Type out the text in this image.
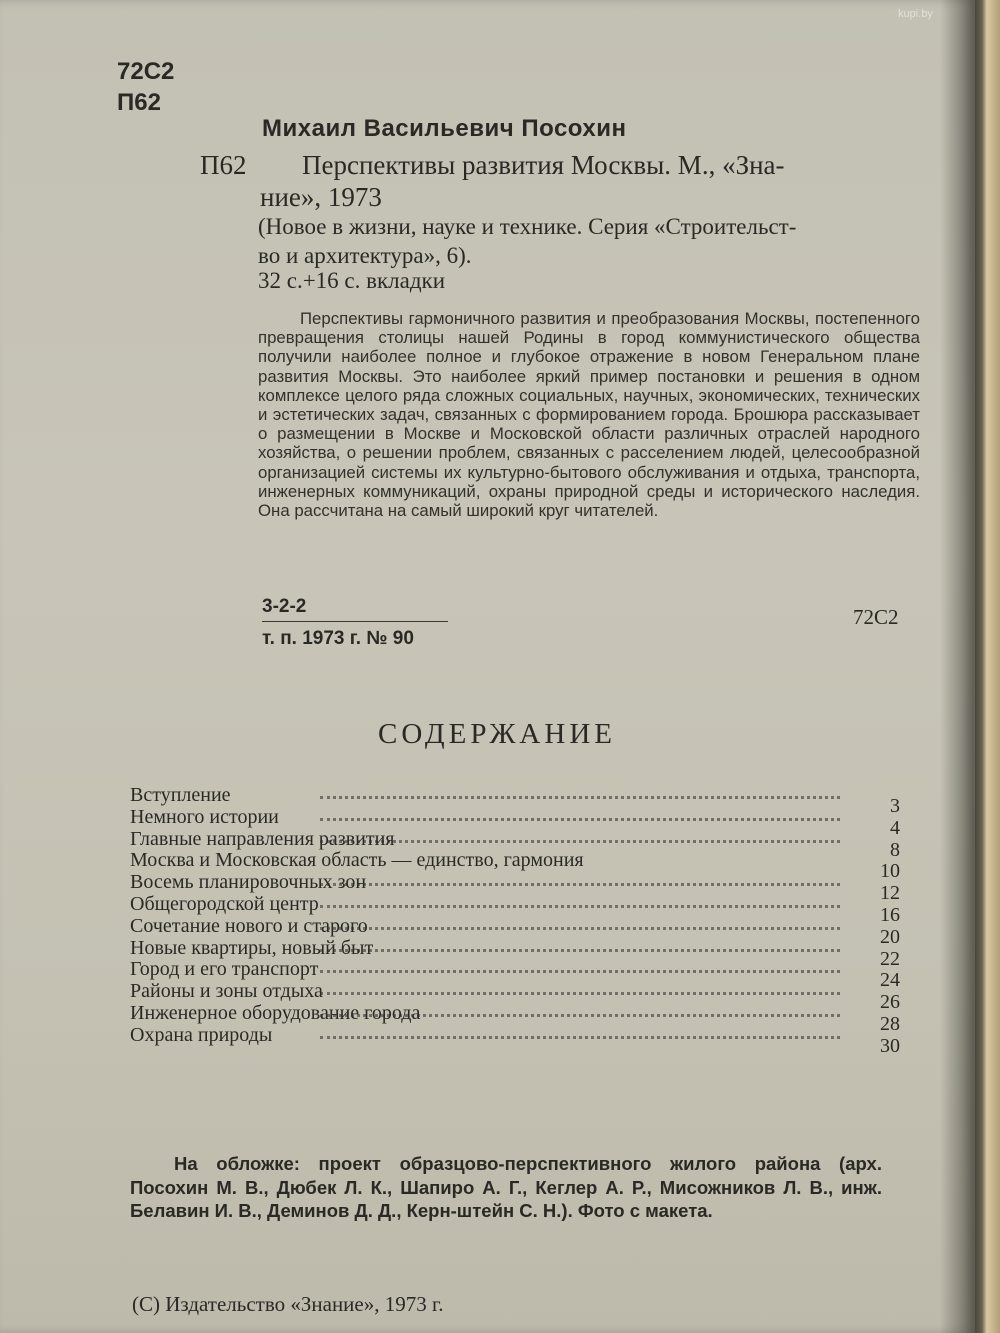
kupi.by
72С2
П62
Михаил Васильевич Посохин
П62 Перспективы развития Москвы. М., «Зна-
ние», 1973
(Новое в жизни, науке и технике. Серия «Строительст-
во и архитектура», 6).
32 с.+16 с. вкладки
Перспективы гармоничного развития и преобразования Москвы, постепенного превращения столицы нашей Родины в город коммунистического общества получили наиболее полное и глубокое отражение в новом Генеральном плане развития Москвы. Это наиболее яркий пример постановки и решения в одном комплексе целого ряда сложных социальных, научных, экономических, технических и эстетических задач, связанных с формированием города. Брошюра рассказывает о размещении в Москве и Московской области различных отраслей народного хозяйства, о решении проблем, связанных с расселением людей, целесообразной организацией системы их культурно-бытового обслуживания и отдыха, транспорта, инженерных коммуникаций, охраны природной среды и исторического наследия. Она рассчитана на самый широкий круг читателей.
3-2-2
т. п. 1973 г. № 90
72С2
СОДЕРЖАНИЕ
Вступление	3
Немного истории	4
Главные направления развития	8
Москва и Московская область — единство, гармония	10
Восемь планировочных зон	12
Общегородской центр	16
Сочетание нового и старого	20
Новые квартиры, новый быт	22
Город и его транспорт	24
Районы и зоны отдыха	26
Инженерное оборудование города	28
Охрана природы	30
На обложке: проект образцово-перспективного жилого района (арх. Посохин М. В., Дюбек Л. К., Шапиро А. Г., Кеглер А. Р., Мисожников Л. В., инж. Белавин И. В., Деминов Д. Д., Керн-штейн С. Н.). Фото с макета.
(С) Издательство «Знание», 1973 г.
